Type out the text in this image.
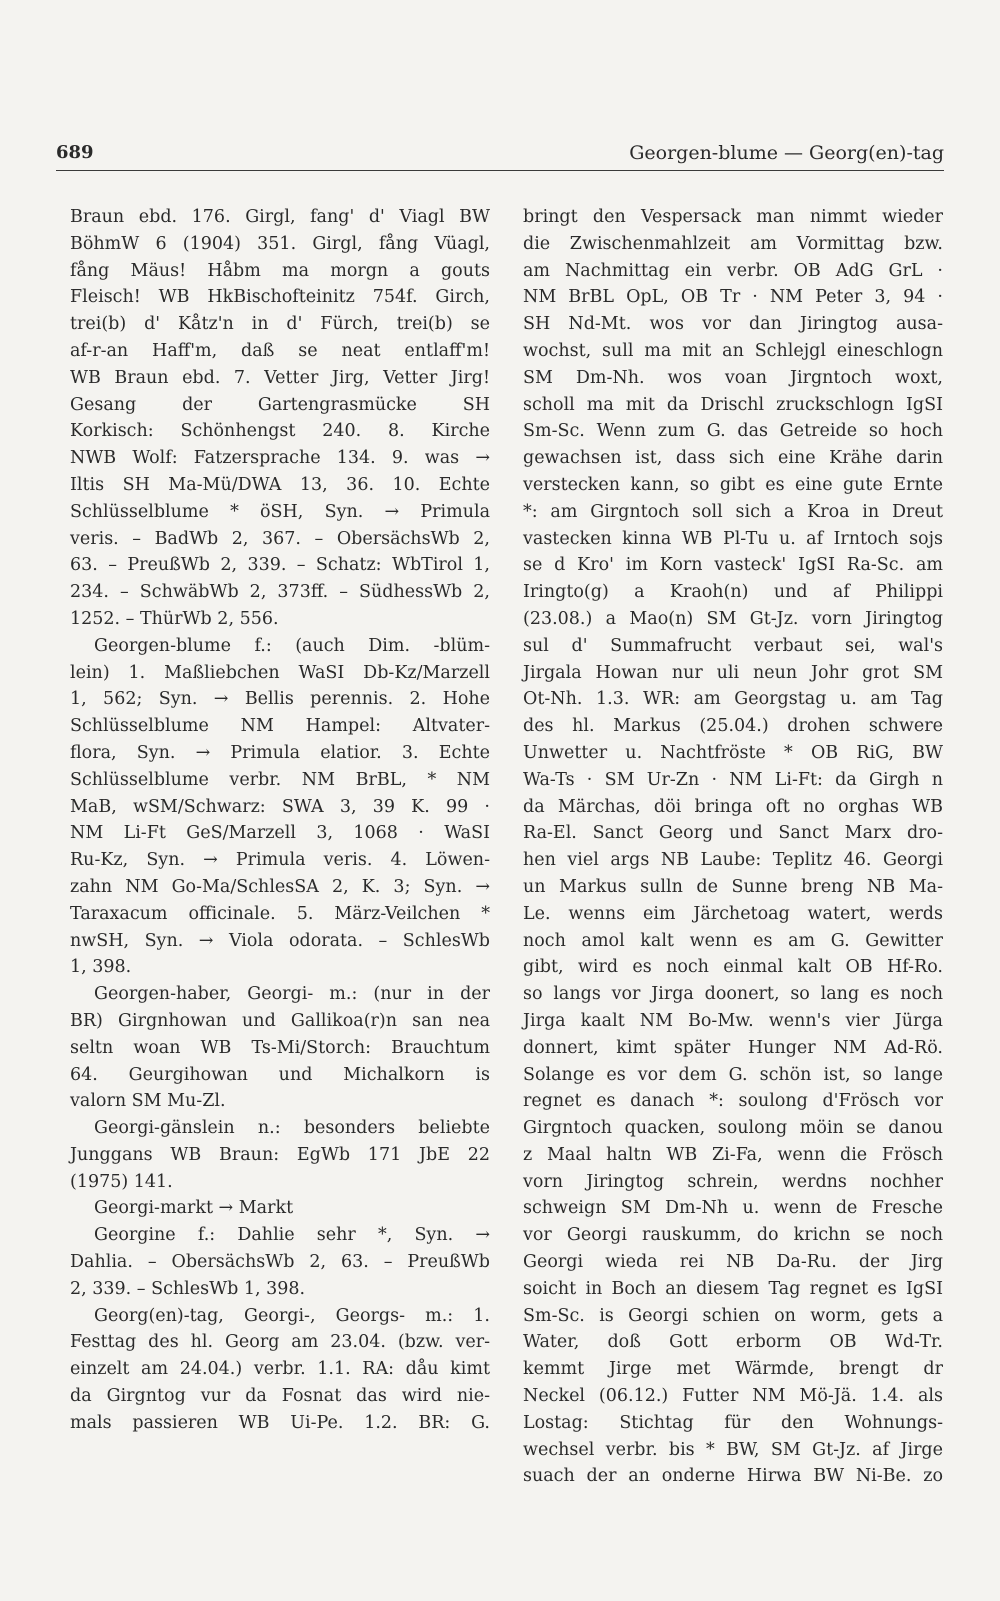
689	Georgen-blume — Georg(en)-tag
Braun ebd. 176. Girgl, fang' d' Viagl BW
BöhmW 6 (1904) 351. Girgl, fång Vüagl,
fång Mäus! Håbm ma morgn a gouts
Fleisch! WB HkBischofteinitz 754f. Girch,
trei(b) d' Kåtz'n in d' Fürch, trei(b) se
af-r-an Haff'm, daß se neat entlaff'm!
WB Braun ebd. 7. Vetter Jirg, Vetter Jirg!
Gesang der Gartengrasmücke SH
Korkisch: Schönhengst 240. 8. Kirche
NWB Wolf: Fatzersprache 134. 9. was →
Iltis SH Ma-Mü/DWA 13, 36. 10. Echte
Schlüsselblume * öSH, Syn. → Primula
veris. – BadWb 2, 367. – ObersächsWb 2,
63. – PreußWb 2, 339. – Schatz: WbTirol 1,
234. – SchwäbWb 2, 373ff. – SüdhessWb 2,
1252. – ThürWb 2, 556.
Georgen-blume f.: (auch Dim. -blüm-
lein) 1. Maßliebchen WaSI Db-Kz/Marzell
1, 562; Syn. → Bellis perennis. 2. Hohe
Schlüsselblume NM Hampel: Altvater-
flora, Syn. → Primula elatior. 3. Echte
Schlüsselblume verbr. NM BrBL, * NM
MaB, wSM/Schwarz: SWA 3, 39 K. 99 ·
NM Li-Ft GeS/Marzell 3, 1068 · WaSI
Ru-Kz, Syn. → Primula veris. 4. Löwen-
zahn NM Go-Ma/SchlesSA 2, K. 3; Syn. →
Taraxacum officinale. 5. März-Veilchen *
nwSH, Syn. → Viola odorata. – SchlesWb
1, 398.
Georgen-haber, Georgi- m.: (nur in der
BR) Girgnhowan und Gallikoa(r)n san nea
seltn woan WB Ts-Mi/Storch: Brauchtum
64. Geurgihowan und Michalkorn is
valorn SM Mu-Zl.
Georgi-gänslein n.: besonders beliebte
Junggans WB Braun: EgWb 171 JbE 22
(1975) 141.
Georgi-markt → Markt
Georgine f.: Dahlie sehr *, Syn. →
Dahlia. – ObersächsWb 2, 63. – PreußWb
2, 339. – SchlesWb 1, 398.
Georg(en)-tag, Georgi-, Georgs- m.: 1.
Festtag des hl. Georg am 23.04. (bzw. ver-
einzelt am 24.04.) verbr. 1.1. RA: dåu kimt
da Girgntog vur da Fosnat das wird nie-
mals passieren WB Ui-Pe. 1.2. BR: G.
bringt den Vespersack man nimmt wieder
die Zwischenmahlzeit am Vormittag bzw.
am Nachmittag ein verbr. OB AdG GrL ·
NM BrBL OpL, OB Tr · NM Peter 3, 94 ·
SH Nd-Mt. wos vor dan Jiringtog ausa-
wochst, sull ma mit an Schlejgl eineschlogn
SM Dm-Nh. wos voan Jirgntoch woxt,
scholl ma mit da Drischl zruckschlogn IgSI
Sm-Sc. Wenn zum G. das Getreide so hoch
gewachsen ist, dass sich eine Krähe darin
verstecken kann, so gibt es eine gute Ernte
*: am Girgntoch soll sich a Kroa in Dreut
vastecken kinna WB Pl-Tu u. af Irntoch sojs
se d Kro' im Korn vasteck' IgSI Ra-Sc. am
Iringto(g) a Kraoh(n) und af Philippi
(23.08.) a Mao(n) SM Gt-Jz. vorn Jiringtog
sul d' Summafrucht verbaut sei, wal's
Jirgala Howan nur uli neun Johr grot SM
Ot-Nh. 1.3. WR: am Georgstag u. am Tag
des hl. Markus (25.04.) drohen schwere
Unwetter u. Nachtfröste * OB RiG, BW
Wa-Ts · SM Ur-Zn · NM Li-Ft: da Girgh n
da Märchas, döi bringa oft no orghas WB
Ra-El. Sanct Georg und Sanct Marx dro-
hen viel args NB Laube: Teplitz 46. Georgi
un Markus sulln de Sunne breng NB Ma-
Le. wenns eim Järchetoag watert, werds
noch amol kalt wenn es am G. Gewitter
gibt, wird es noch einmal kalt OB Hf-Ro.
so langs vor Jirga doonert, so lang es noch
Jirga kaalt NM Bo-Mw. wenn's vier Jürga
donnert, kimt später Hunger NM Ad-Rö.
Solange es vor dem G. schön ist, so lange
regnet es danach *: soulong d'Frösch vor
Girgntoch quacken, soulong möin se danou
z Maal haltn WB Zi-Fa, wenn die Frösch
vorn Jiringtog schrein, werdns nochher
schweign SM Dm-Nh u. wenn de Fresche
vor Georgi rauskumm, do krichn se noch
Georgi wieda rei NB Da-Ru. der Jirg
soicht in Boch an diesem Tag regnet es IgSI
Sm-Sc. is Georgi schien on worm, gets a
Water, doß Gott erborm OB Wd-Tr.
kemmt Jirge met Wärmde, brengt dr
Neckel (06.12.) Futter NM Mö-Jä. 1.4. als
Lostag: Stichtag für den Wohnungs-
wechsel verbr. bis * BW, SM Gt-Jz. af Jirge
suach der an onderne Hirwa BW Ni-Be. zo
